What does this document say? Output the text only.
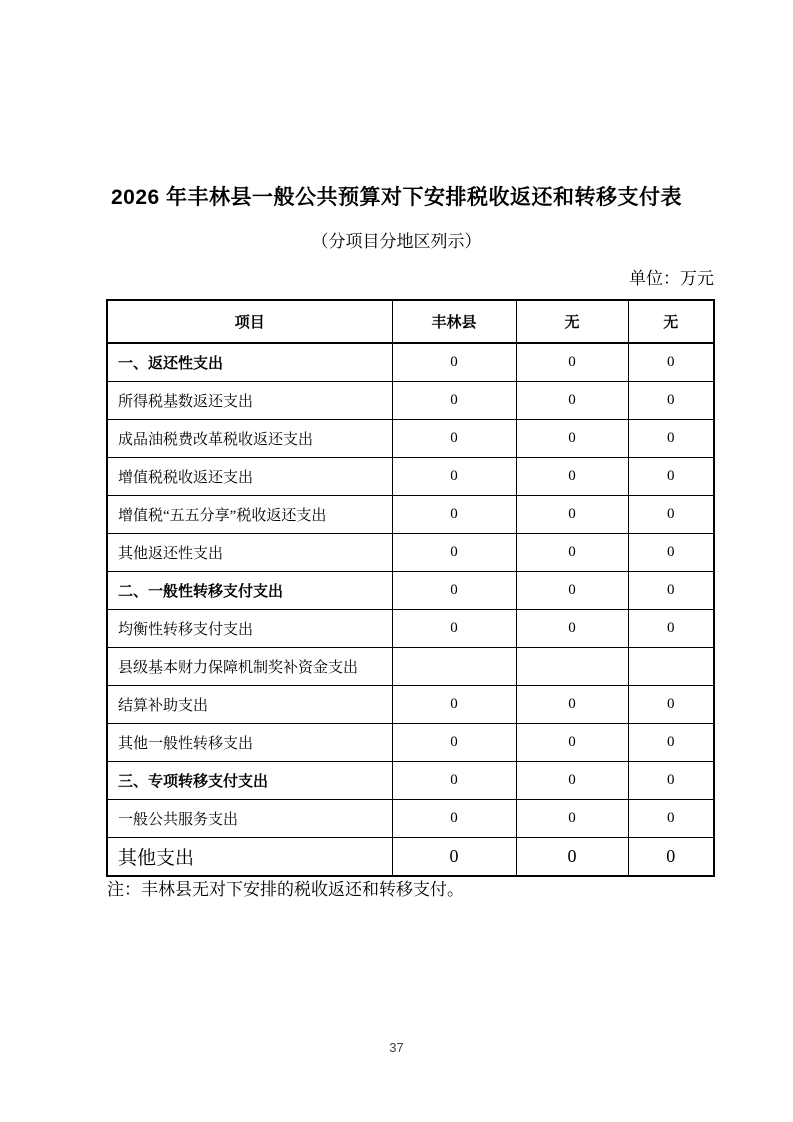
2026 年丰林县一般公共预算对下安排税收返还和转移支付表
（分项目分地区列示）
单位：万元
项目	丰林县	无	无
一、返还性支出	0	0	0
所得税基数返还支出	0	0	0
成品油税费改革税收返还支出	0	0	0
增值税税收返还支出	0	0	0
增值税“五五分享”税收返还支出	0	0	0
其他返还性支出	0	0	0
二、一般性转移支付支出	0	0	0
均衡性转移支付支出	0	0	0
县级基本财力保障机制奖补资金支出			
结算补助支出	0	0	0
其他一般性转移支出	0	0	0
三、专项转移支付支出	0	0	0
一般公共服务支出	0	0	0
其他支出	0	0	0
注：丰林县无对下安排的税收返还和转移支付。
37
